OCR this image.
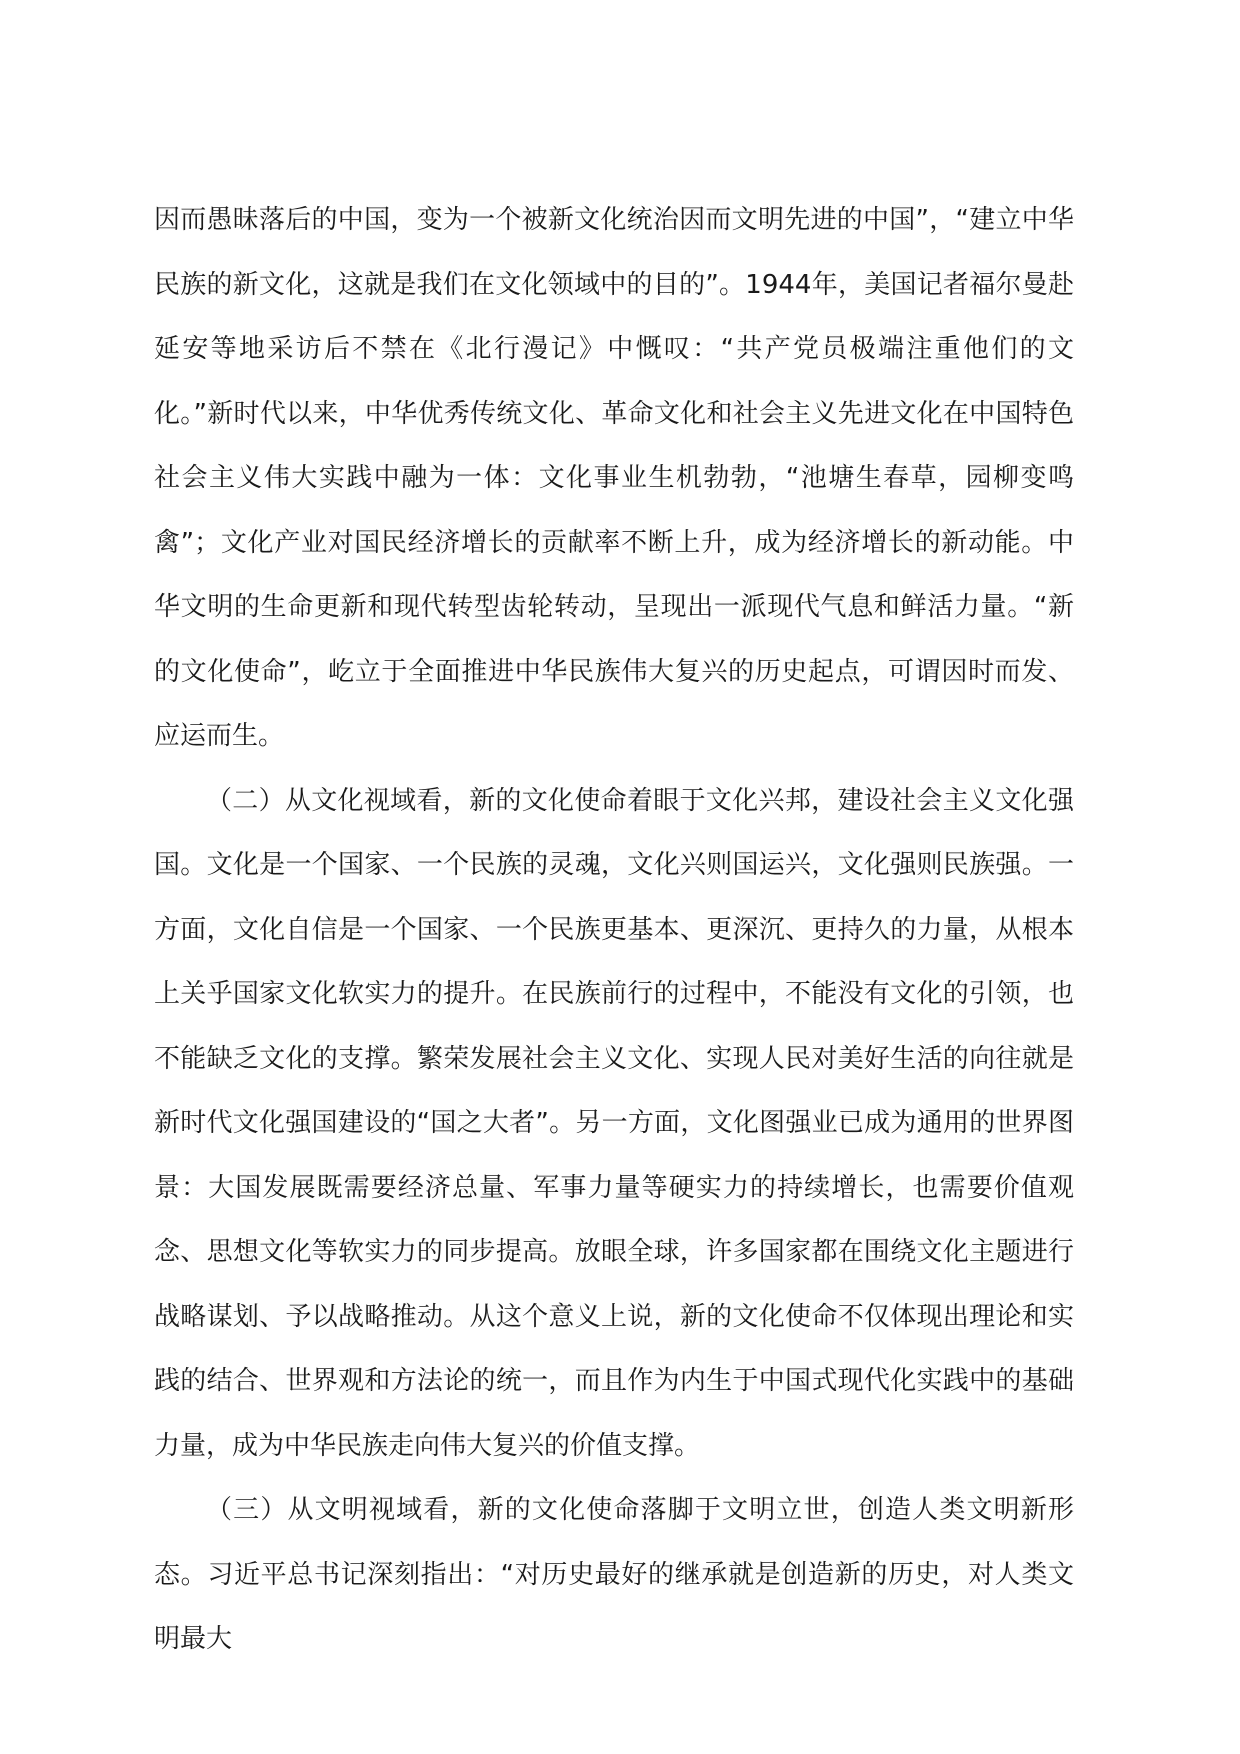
因而愚昧落后的中国，变为一个被新文化统治因而文明先进的中国”，“建立中华民族的新文化，这就是我们在文化领域中的目的”。1944年，美国记者福尔曼赴延安等地采访后不禁在《北行漫记》中慨叹：“共产党员极端注重他们的文化。”新时代以来，中华优秀传统文化、革命文化和社会主义先进文化在中国特色社会主义伟大实践中融为一体：文化事业生机勃勃，“池塘生春草，园柳变鸣禽”；文化产业对国民经济增长的贡献率不断上升，成为经济增长的新动能。中华文明的生命更新和现代转型齿轮转动，呈现出一派现代气息和鲜活力量。“新的文化使命”，屹立于全面推进中华民族伟大复兴的历史起点，可谓因时而发、应运而生。

（二）从文化视域看，新的文化使命着眼于文化兴邦，建设社会主义文化强国。文化是一个国家、一个民族的灵魂，文化兴则国运兴，文化强则民族强。一方面，文化自信是一个国家、一个民族更基本、更深沉、更持久的力量，从根本上关乎国家文化软实力的提升。在民族前行的过程中，不能没有文化的引领，也不能缺乏文化的支撑。繁荣发展社会主义文化、实现人民对美好生活的向往就是新时代文化强国建设的“国之大者”。另一方面，文化图强业已成为通用的世界图景：大国发展既需要经济总量、军事力量等硬实力的持续增长，也需要价值观念、思想文化等软实力的同步提高。放眼全球，许多国家都在围绕文化主题进行战略谋划、予以战略推动。从这个意义上说，新的文化使命不仅体现出理论和实践的结合、世界观和方法论的统一，而且作为内生于中国式现代化实践中的基础力量，成为中华民族走向伟大复兴的价值支撑。

（三）从文明视域看，新的文化使命落脚于文明立世，创造人类文明新形态。习近平总书记深刻指出：“对历史最好的继承就是创造新的历史，对人类文明最大
